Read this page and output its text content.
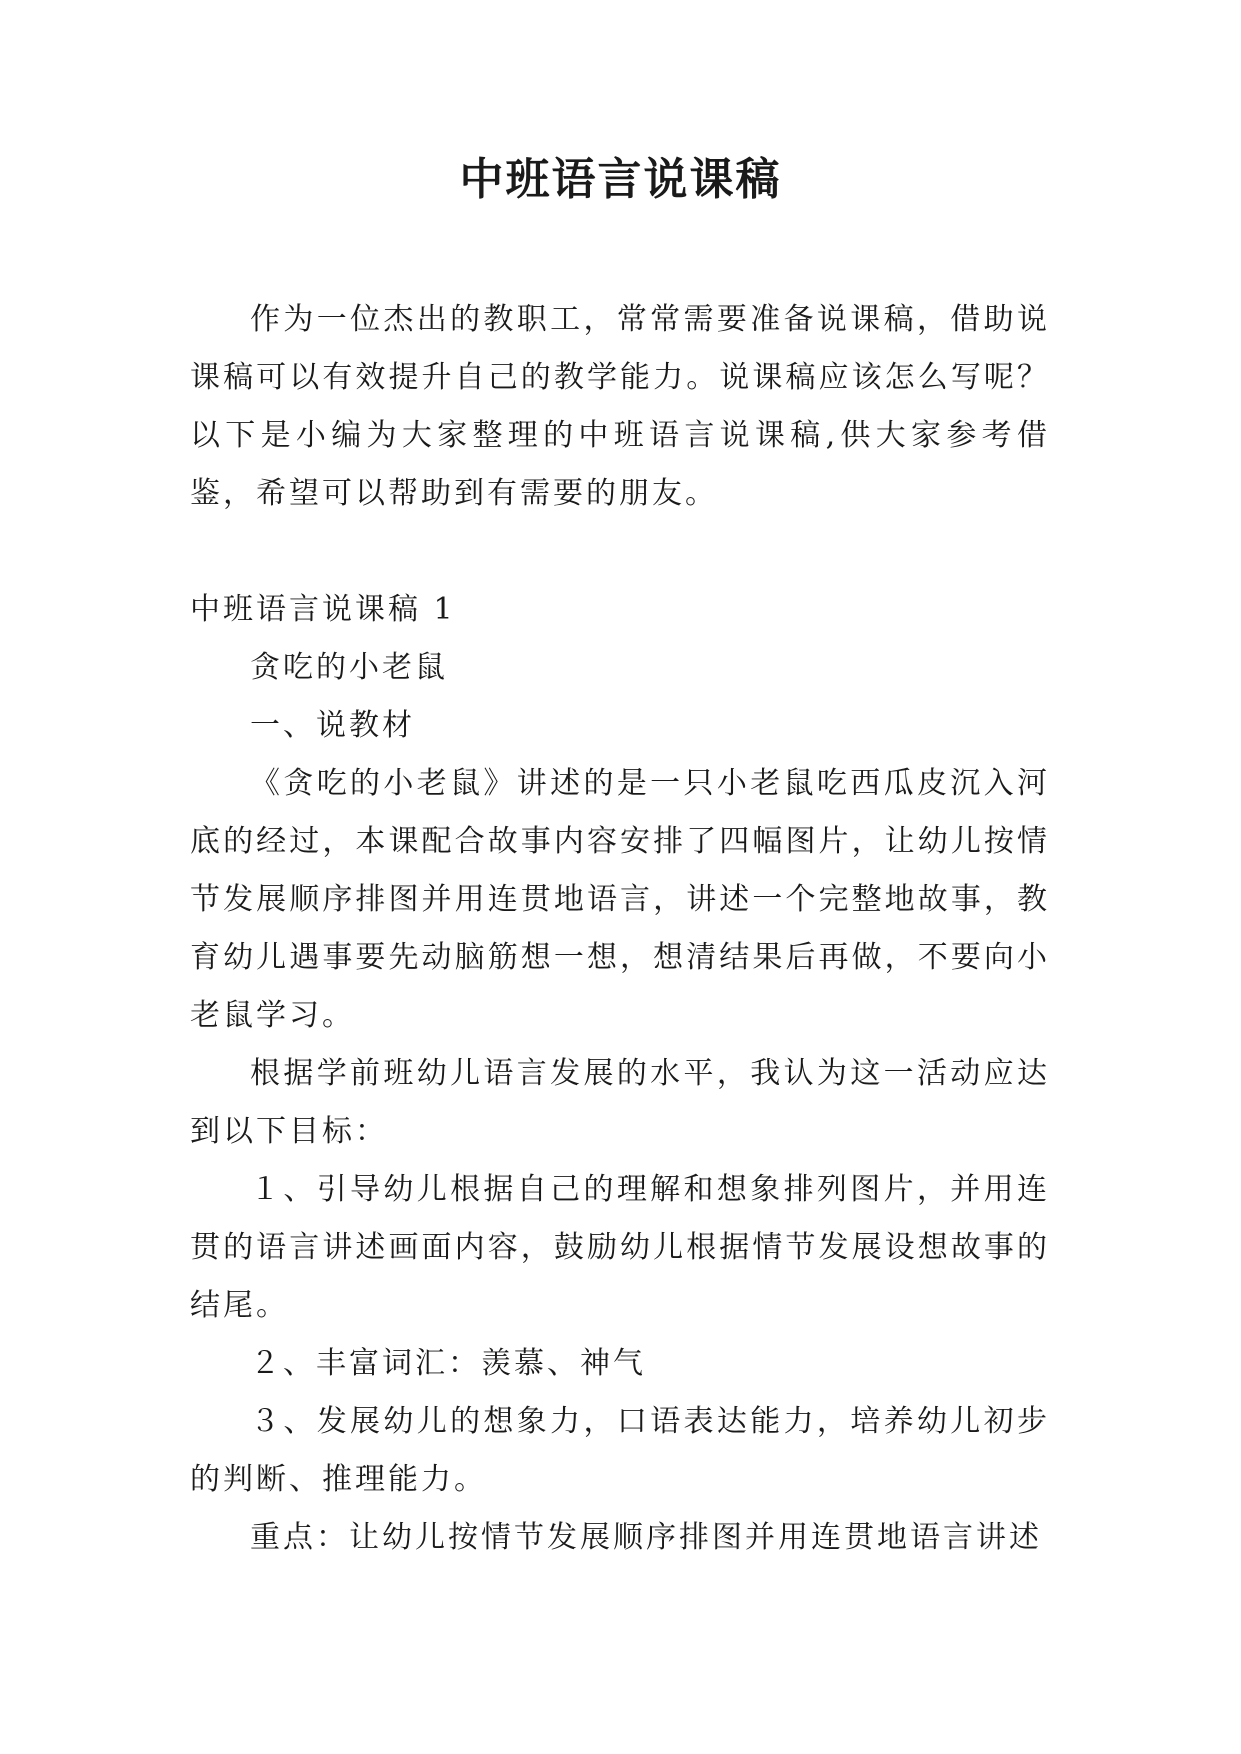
中班语言说课稿

作为一位杰出的教职工，常常需要准备说课稿，借助说课稿可以有效提升自己的教学能力。说课稿应该怎么写呢？以下是小编为大家整理的中班语言说课稿,供大家参考借鉴，希望可以帮助到有需要的朋友。

中班语言说课稿 1

贪吃的小老鼠

一、说教材

《贪吃的小老鼠》讲述的是一只小老鼠吃西瓜皮沉入河底的经过，本课配合故事内容安排了四幅图片，让幼儿按情节发展顺序排图并用连贯地语言，讲述一个完整地故事，教育幼儿遇事要先动脑筋想一想，想清结果后再做，不要向小老鼠学习。

根据学前班幼儿语言发展的水平，我认为这一活动应达到以下目标：

１、引导幼儿根据自己的理解和想象排列图片，并用连贯的语言讲述画面内容，鼓励幼儿根据情节发展设想故事的结尾。

２、丰富词汇：羡慕、神气

３、发展幼儿的想象力，口语表达能力，培养幼儿初步的判断、推理能力。

重点：让幼儿按情节发展顺序排图并用连贯地语言讲述
